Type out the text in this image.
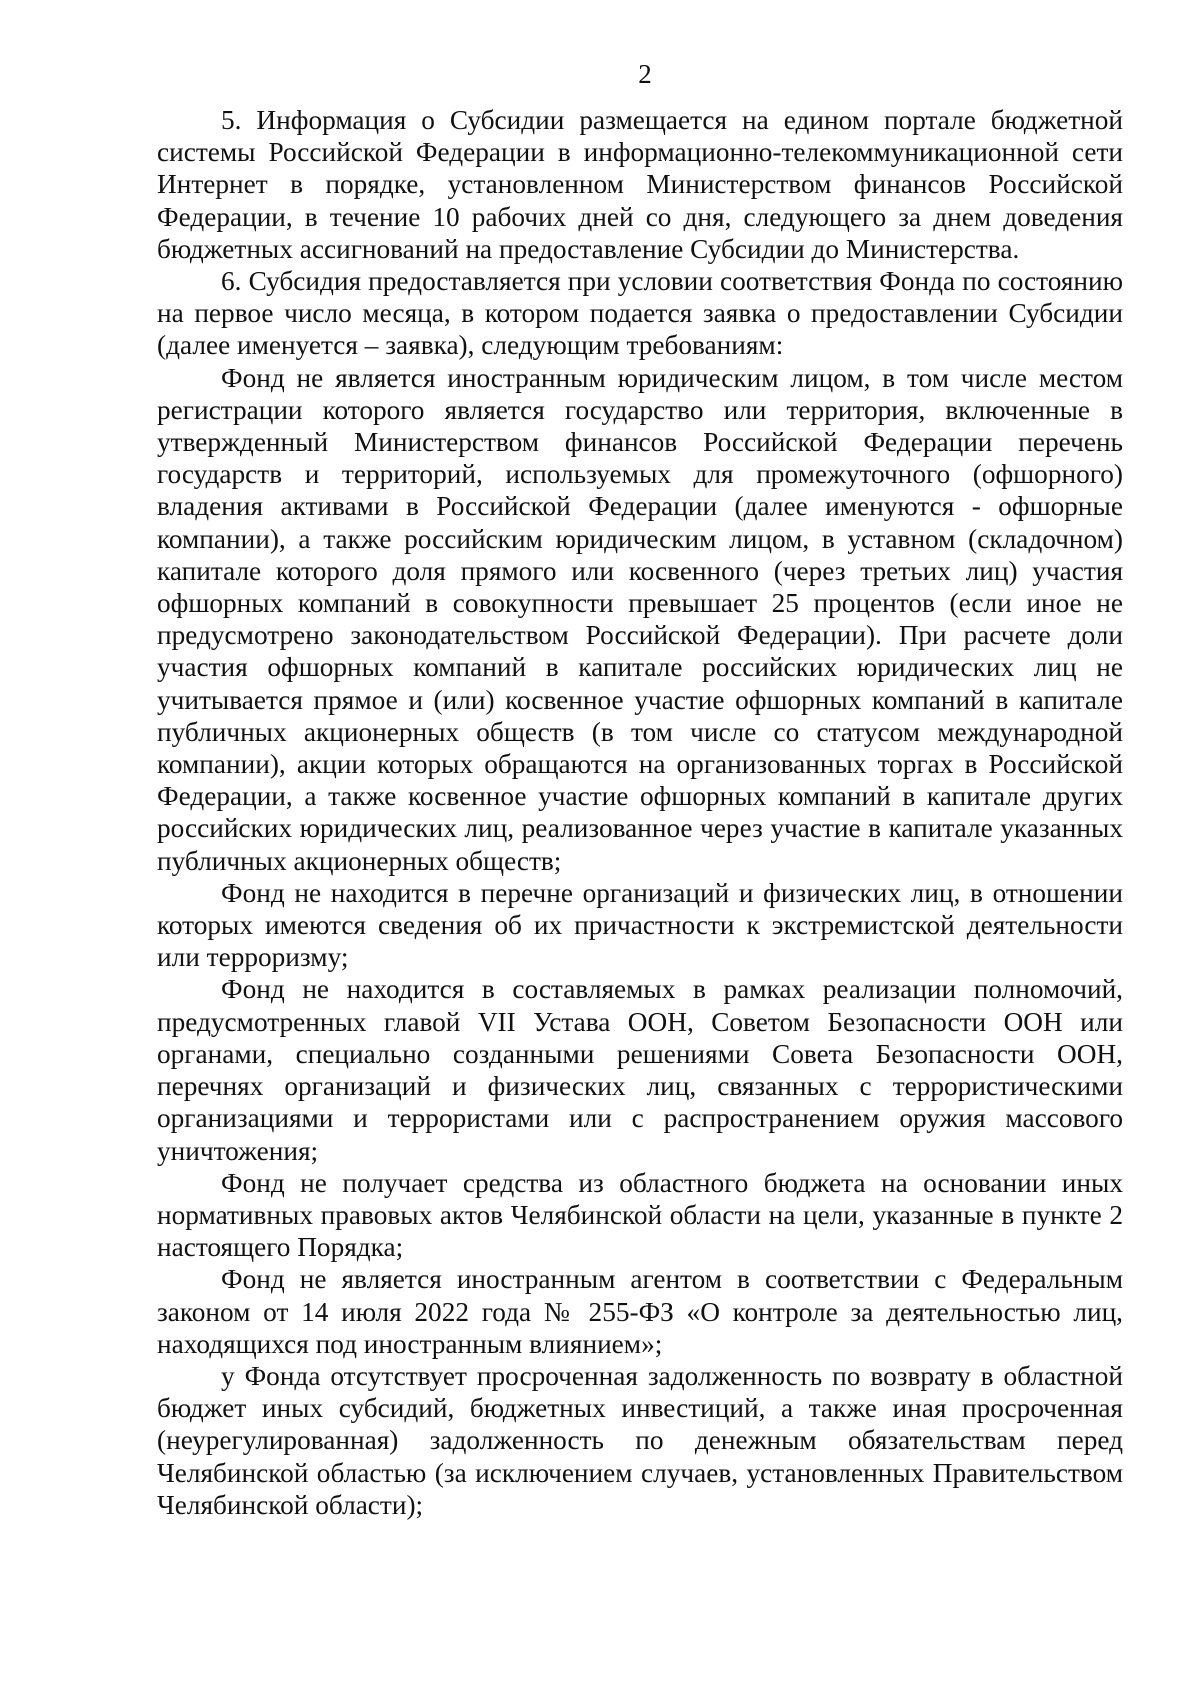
2

5. Информация о Субсидии размещается на едином портале бюджетной системы Российской Федерации в информационно-телекоммуникационной сети Интернет в порядке, установленном Министерством финансов Российской Федерации, в течение 10 рабочих дней со дня, следующего за днем доведения бюджетных ассигнований на предоставление Субсидии до Министерства.

6. Субсидия предоставляется при условии соответствия Фонда по состоянию на первое число месяца, в котором подается заявка о предоставлении Субсидии (далее именуется – заявка), следующим требованиям:

Фонд не является иностранным юридическим лицом, в том числе местом регистрации которого является государство или территория, включенные в утвержденный Министерством финансов Российской Федерации перечень государств и территорий, используемых для промежуточного (офшорного) владения активами в Российской Федерации (далее именуются - офшорные компании), а также российским юридическим лицом, в уставном (складочном) капитале которого доля прямого или косвенного (через третьих лиц) участия офшорных компаний в совокупности превышает 25 процентов (если иное не предусмотрено законодательством Российской Федерации). При расчете доли участия офшорных компаний в капитале российских юридических лиц не учитывается прямое и (или) косвенное участие офшорных компаний в капитале публичных акционерных обществ (в том числе со статусом международной компании), акции которых обращаются на организованных торгах в Российской Федерации, а также косвенное участие офшорных компаний в капитале других российских юридических лиц, реализованное через участие в капитале указанных публичных акционерных обществ;

Фонд не находится в перечне организаций и физических лиц, в отношении которых имеются сведения об их причастности к экстремистской деятельности или терроризму;

Фонд не находится в составляемых в рамках реализации полномочий, предусмотренных главой VII Устава ООН, Советом Безопасности ООН или органами, специально созданными решениями Совета Безопасности ООН, перечнях организаций и физических лиц, связанных с террористическими организациями и террористами или с распространением оружия массового уничтожения;

Фонд не получает средства из областного бюджета на основании иных нормативных правовых актов Челябинской области на цели, указанные в пункте 2 настоящего Порядка;

Фонд не является иностранным агентом в соответствии с Федеральным законом от 14 июля 2022 года № 255-ФЗ «О контроле за деятельностью лиц, находящихся под иностранным влиянием»;

у Фонда отсутствует просроченная задолженность по возврату в областной бюджет иных субсидий, бюджетных инвестиций, а также иная просроченная (неурегулированная) задолженность по денежным обязательствам перед Челябинской областью (за исключением случаев, установленных Правительством Челябинской области);
